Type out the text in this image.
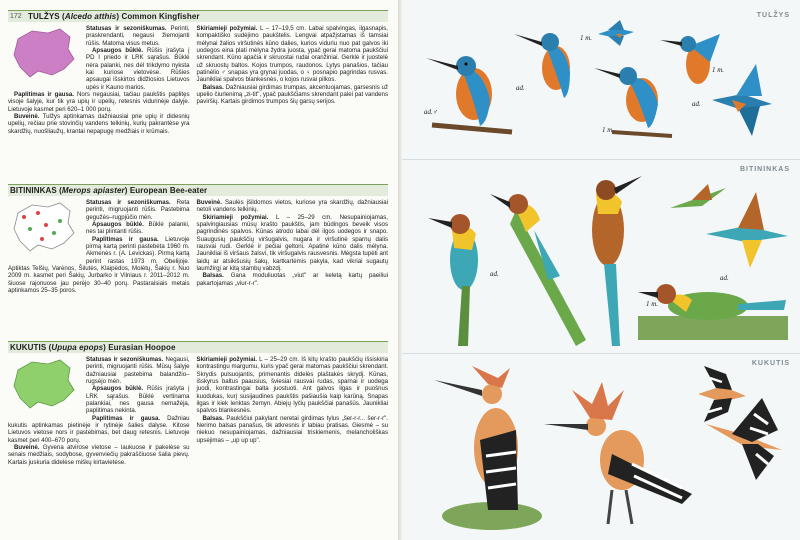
172 TULŽYS (Alcedo atthis) Common Kingfisher

Statusas ir sezoniškumas. Perinti, praskrendanti, negausi žiemojanti rūšis. Matoma visus metus.

Apsaugos būklė. Rūšis įrašyta į PD I priedo ir LRK sąrašus. Būklė nėra palanki, nes dėl trikdymo nyksta kai kuriose vietovėse. Rūšies apsaugai išskirtos didžiosios Lietuvos upės ir Kauno marios.

Paplitimas ir gausa. Nors negausiai, tačiau paukštis paplitęs visoje šalyje, kur tik yra upių ir upelių, retesnis vidurinėje dalyje. Lietuvoje kasmet peri 620–1 000 porų.

Buveinė. Tulžys aptinkamas dažniausiai prie upių ir didesnių upelių, rečiau prie stovinčių vandens telkinių, kurių pakrantėse yra skardžių, nuošliaužų, krantai nepapugę medžiais ir krūmais.

Skiriamieji požymiai. L – 17–19,5 cm. Labai spalvingas, ilgasnapis, kompaktiško sudėjimo paukštelis. Lengvai atpažįstamas iš tamsiai mėlynai žalios viršutinės kūno dalies, kurios viduriu nuo pat galvos iki uodegos eina plati mėlyna žydra juosta, ypač gerai matoma paukščiui skrendant. Kūno apačia ir skruostai rudai oranžiniai. Gerklė ir juostelė už skruostų baltos. Kojos trumpos, raudonos. Lytys panašios, tačiau patinėlio ♂ snapas yra grynai juodas, o ♀ posnapio pagrindas rusvas. Jaunikliai spalvos blankesnės, o kojos rusvai pilkos.

Balsas. Dažniausiai girdimas trumpas, akcentuojamas, garsesnis už upelio čiurlenimą „zi-tit", ypač paukščiams skrendant palei pat vandens paviršių. Kartais girdimos trumpos šių garsų serijos.

BITININKAS (Merops apiaster) European Bee-eater

Statusas ir sezoniškumas. Reta perinti, migruojanti rūšis. Pastebima gegužės–rugpjūčio mėn.

Apsaugos būklė. Būklė palanki, nes tai plintanti rūšis.

Paplitimas ir gausa. Lietuvoje pirmą kartą perinti pastebėta 1960 m. Akmenės r. (A. Levickas). Pirmą kartą perint rastas 1973 m. Obelijoje. Aptiktas Telšių, Varėnos, Šilutės, Klaipėdos, Molėtų, Šakių r. Nuo 2009 m. kasmet peri Šakių, Jurbarko ir Vilniaus r. 2011–2012 m. šiuose rajonuose jau perėjo 30–40 porų. Pastaraisiais metais aptinkamos 25–35 poros.

Buveinė. Saulės įšildomos vietos, kuriose yra skardžių, dažniausiai netoli vandens telkinių.

Skiriamieji požymiai. L – 25–29 cm. Nesupainiojamas, spalvingiausias mūsų krašto paukštis, jam būdingos beveik visos pagrindinės spalvos. Kūnas atrodo labai dėl ilgos uodegos ir snapo. Suaugusių paukščių viršugalvis, nugara ir viršutinė sparnų dalis rausvai rudi. Gerklė ir pečiai geltoni. Apatinė kūno dalis mėlyna. Jaunikliai iš viršaus žalsvi, tik viršugalvis rausvesnis. Mėgsta tupėti ant laidų ar atsikišusių šakų, kartkartėmis pakyla, kad vikriai sugautų laumžirgį ar kitą stambų vabzdį.

Balsas. Gana moduliuotas „viut" ar keletą kartų paeiliui pakartojamas „viur-r-r".

KUKUTIS (Upupa epops) Eurasian Hoopoe

Statusas ir sezoniškumas. Negausi, perinti, migruojanti rūšis. Mūsų šalyje dažniausiai pastebima balandžio–rugsėjo mėn.

Apsaugos būklė. Rūšis įrašyta į LRK sąrašus. Būklė vertinama palankiai, nes gausa nemažėja, paplitimas nekinta.

Paplitimas ir gausa. Dažniau kukutis aptinkamas pietinėje ir rytinėje šalies dalyse. Kitose Lietuvos vietose nors ir pastebimas, bet daug retesnis. Lietuvoje kasmet peri 400–670 porų.

Buveinė. Gyvena atvirose vietose – laukuose ir pakelėse su senais medžiais, sodybose, gyvenviečių pakraščiuose šalia pievų. Kartais juskuria didelėse miškų kirtavietėse.

Skiriamieji požymiai. L – 25–29 cm. Iš kitų krašto paukščių išsiskiria kontrastingu margumu, kuris ypač gerai matomas paukščiui skrendant. Skrydis pulsuojantis, primenantis didelės plaštakės skrydį. Kūnas, išskyrus baltus paausius, šviesiai rausvai rudas, sparnai ir uodega juodi, kontrastingai balta juostuoti. Ant galvos ilgas ir puošnus kuodukas, kurį susijaudines paukštis pašiaušia kaip karūną. Snapas ilgas ir kiek lenktas žemyn. Abiejų lyčių paukščiai panašūs. Jaunikliai spalvos blankesnės.

Balsas. Paukščiui pakylant neretai girdimas tylus „šer-r-r... šer-r-r". Nerimo balsas panašus, tik atkresnis ir labiau pratisas. Giesmė – su niekuo nesupainiojamas, dažniausiai triskiemenis, melancholiškas upsėjimas – „up up up".

TULŽYS
ad.♂
ad.
1 m.
1 m.
1 m.
ad.
BITININKAS
ad.	ad.
1 m.
KUKUTIS
